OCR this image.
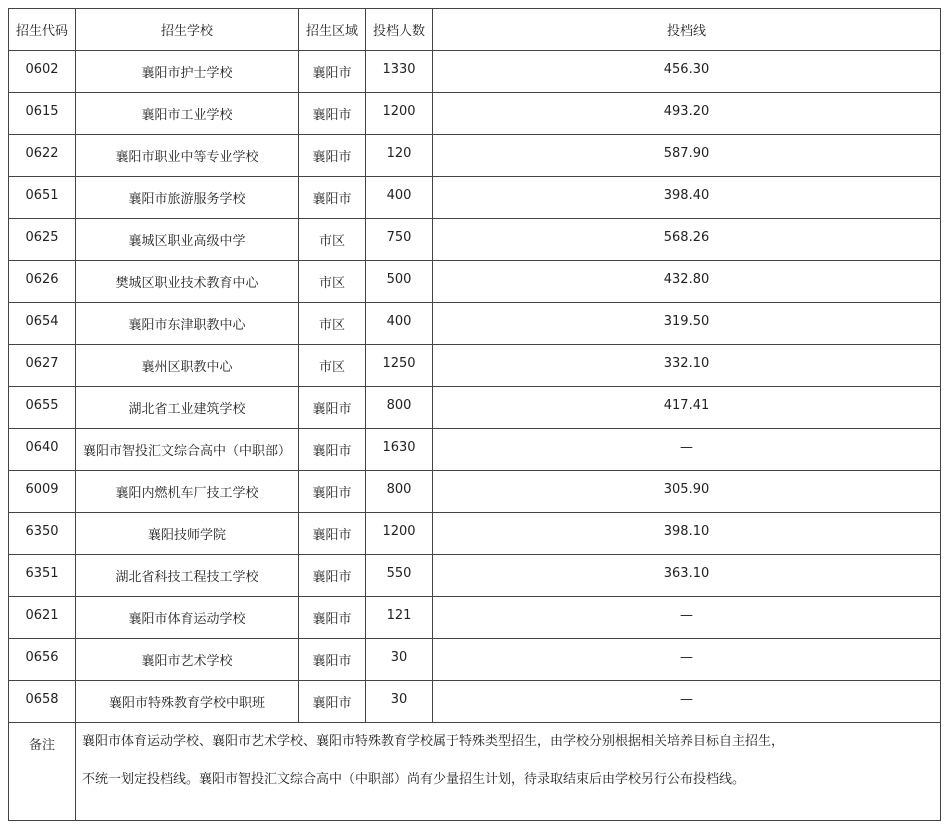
招生代码	招生学校	招生区域	投档人数	投档线
0602	襄阳市护士学校	襄阳市	1330	456.30
0615	襄阳市工业学校	襄阳市	1200	493.20
0622	襄阳市职业中等专业学校	襄阳市	120	587.90
0651	襄阳市旅游服务学校	襄阳市	400	398.40
0625	襄城区职业高级中学	市区	750	568.26
0626	樊城区职业技术教育中心	市区	500	432.80
0654	襄阳市东津职教中心	市区	400	319.50
0627	襄州区职教中心	市区	1250	332.10
0655	湖北省工业建筑学校	襄阳市	800	417.41
0640	襄阳市智投汇文综合高中（中职部）	襄阳市	1630	—
6009	襄阳内燃机车厂技工学校	襄阳市	800	305.90
6350	襄阳技师学院	襄阳市	1200	398.10
6351	湖北省科技工程技工学校	襄阳市	550	363.10
0621	襄阳市体育运动学校	襄阳市	121	—
0656	襄阳市艺术学校	襄阳市	30	—
0658	襄阳市特殊教育学校中职班	襄阳市	30	—
备注	襄阳市体育运动学校、襄阳市艺术学校、襄阳市特殊教育学校属于特殊类型招生，由学校分别根据相关培养目标自主招生，

不统一划定投档线。襄阳市智投汇文综合高中（中职部）尚有少量招生计划，待录取结束后由学校另行公布投档线。			
